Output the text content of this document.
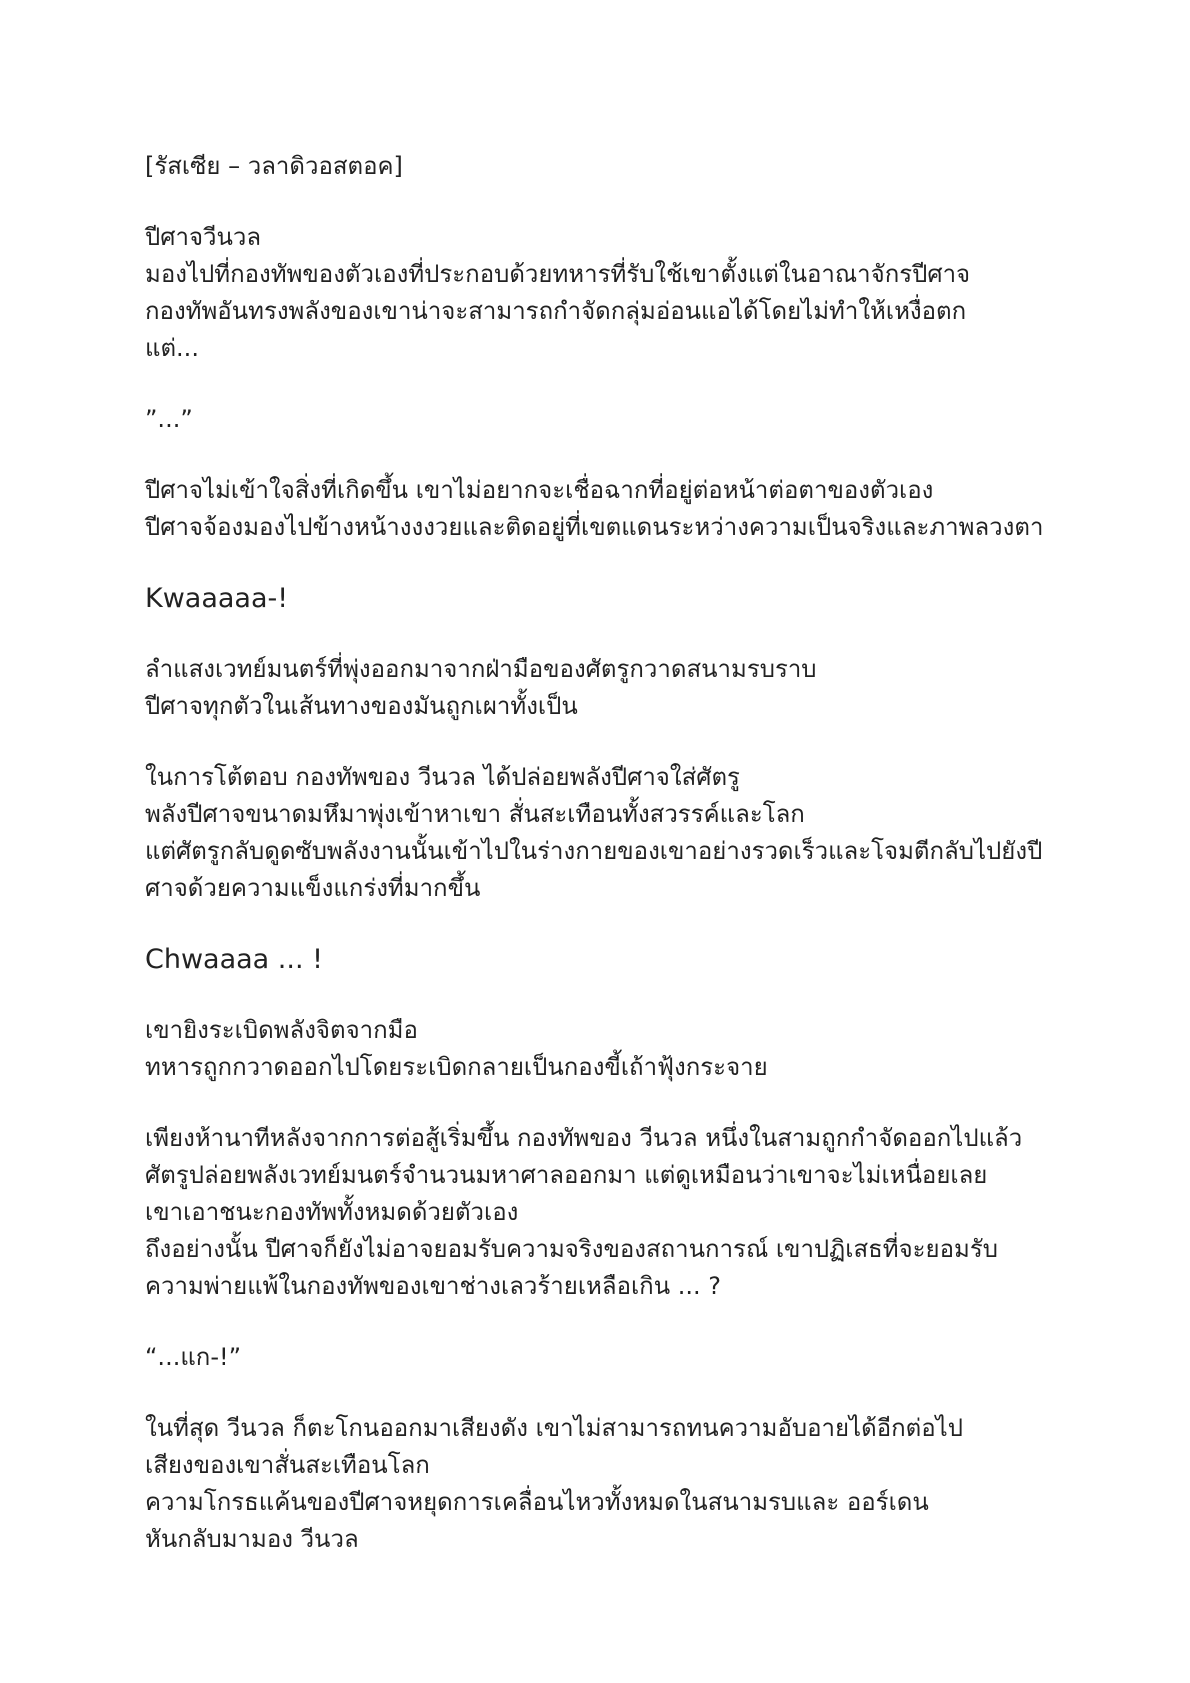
[รัสเซีย – วลาดิวอสตอค]
ปีศาจวีนวล
มองไปที่กองทัพของตัวเองที่ประกอบด้วยทหารที่รับใช้เขาตั้งแต่ในอาณาจักรปีศาจ
กองทัพอันทรงพลังของเขาน่าจะสามารถกำจัดกลุ่มอ่อนแอได้โดยไม่ทำให้เหงื่อตก
แต่...
”...”
ปีศาจไม่เข้าใจสิ่งที่เกิดขึ้น เขาไม่อยากจะเชื่อฉากที่อยู่ต่อหน้าต่อตาของตัวเอง
ปีศาจจ้องมองไปข้างหน้างงงวยและติดอยู่ที่เขตแดนระหว่างความเป็นจริงและภาพลวงตา
Kwaaaaa-!
ลำแสงเวทย์มนตร์ที่พุ่งออกมาจากฝ่ามือของศัตรูกวาดสนามรบราบ
ปีศาจทุกตัวในเส้นทางของมันถูกเผาทั้งเป็น
ในการโต้ตอบ กองทัพของ วีนวล ได้ปล่อยพลังปีศาจใส่ศัตรู
พลังปีศาจขนาดมหึมาพุ่งเข้าหาเขา สั่นสะเทือนทั้งสวรรค์และโลก
แต่ศัตรูกลับดูดซับพลังงานนั้นเข้าไปในร่างกายของเขาอย่างรวดเร็วและโจมตีกลับไปยังปี
ศาจด้วยความแข็งแกร่งที่มากขึ้น
Chwaaaa ... !
เขายิงระเบิดพลังจิตจากมือ
ทหารถูกกวาดออกไปโดยระเบิดกลายเป็นกองขี้เถ้าฟุ้งกระจาย
เพียงห้านาทีหลังจากการต่อสู้เริ่มขึ้น กองทัพของ วีนวล หนึ่งในสามถูกกำจัดออกไปแล้ว
ศัตรูปล่อยพลังเวทย์มนตร์จำนวนมหาศาลออกมา แต่ดูเหมือนว่าเขาจะไม่เหนื่อยเลย
เขาเอาชนะกองทัพทั้งหมดด้วยตัวเอง
ถึงอย่างนั้น ปีศาจก็ยังไม่อาจยอมรับความจริงของสถานการณ์ เขาปฏิเสธที่จะยอมรับ
ความพ่ายแพ้ในกองทัพของเขาช่างเลวร้ายเหลือเกิน ... ?
“...แก-!”
ในที่สุด วีนวล ก็ตะโกนออกมาเสียงดัง เขาไม่สามารถทนความอับอายได้อีกต่อไป
เสียงของเขาสั่นสะเทือนโลก
ความโกรธแค้นของปีศาจหยุดการเคลื่อนไหวทั้งหมดในสนามรบและ ออร์เดน
หันกลับมามอง วีนวล
